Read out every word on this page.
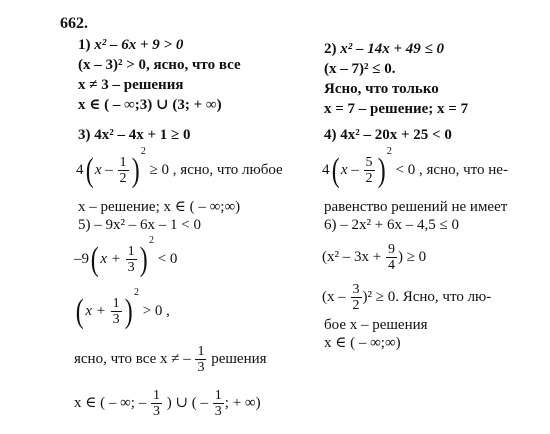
662.
1) x² – 6x + 9 > 0
(x – 3)² > 0, ясно, что все
x ≠ 3 – решения
x ∈ ( – ∞;3) ∪ (3; + ∞)
2) x² – 14x + 49 ≤ 0
(x – 7)² ≤ 0.
Ясно, что только
x = 7 – решение; x = 7
3) 4x² – 4x + 1 ≥ 0
4( $x - \frac{1}{2} )^2 \ge 0$ , ясно, что любое
x – решение; x ∈ ( – ∞;∞)
4) 4x² – 20x + 25 < 0
4( $x - \frac{5}{2} )^2 < 0$ , ясно, что не-
равенство решений не имеет
5) – 9x² – 6x – 1 < 0
–9( $x + \frac{1}{3} )^2 < 0$
( $x + \frac{1}{3} )^2 > 0$ ,
ясно, что все x ≠ – $\frac{1}{3}$ решения
x ∈ ( – ∞; – $\frac{1}{3}$ ) ∪ ( – $\frac{1}{3}$ ; + ∞)
6) – 2x² + 6x – 4,5 ≤ 0
($x^2 - 3x + \frac{9}{4}$ ) ≥ 0
$(x - \frac{3}{2} )^2 \ge 0$. Ясно, что лю-
бое x – решения
x ∈ ( – ∞;∞)
